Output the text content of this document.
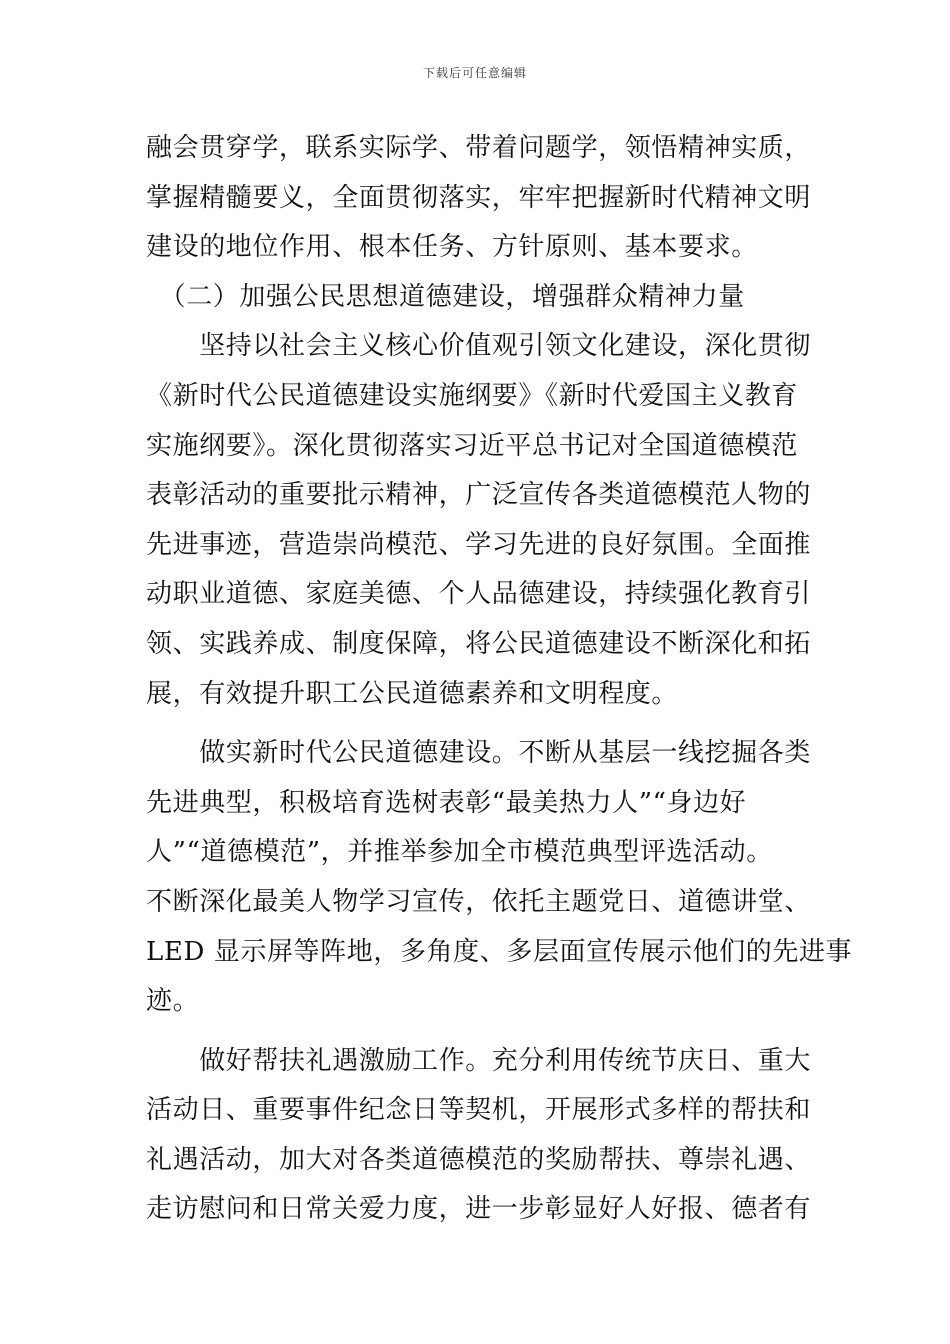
下载后可任意编辑
融会贯穿学，联系实际学、带着问题学，领悟精神实质，
掌握精髓要义，全面贯彻落实，牢牢把握新时代精神文明
建设的地位作用、根本任务、方针原则、基本要求。
　（二）加强公民思想道德建设，增强群众精神力量
　　坚持以社会主义核心价值观引领文化建设，深化贯彻
《新时代公民道德建设实施纲要》《新时代爱国主义教育
实施纲要》。深化贯彻落实习近平总书记对全国道德模范
表彰活动的重要批示精神，广泛宣传各类道德模范人物的
先进事迹，营造崇尚模范、学习先进的良好氛围。全面推
动职业道德、家庭美德、个人品德建设，持续强化教育引
领、实践养成、制度保障，将公民道德建设不断深化和拓
展，有效提升职工公民道德素养和文明程度。
　　做实新时代公民道德建设。不断从基层一线挖掘各类
先进典型，积极培育选树表彰“最美热力人”“身边好
人”“道德模范”，并推举参加全市模范典型评选活动。
不断深化最美人物学习宣传，依托主题党日、道德讲堂、
LED 显示屏等阵地，多角度、多层面宣传展示他们的先进事
迹。
　　做好帮扶礼遇激励工作。充分利用传统节庆日、重大
活动日、重要事件纪念日等契机，开展形式多样的帮扶和
礼遇活动，加大对各类道德模范的奖励帮扶、尊崇礼遇、
走访慰问和日常关爱力度，进一步彰显好人好报、德者有
